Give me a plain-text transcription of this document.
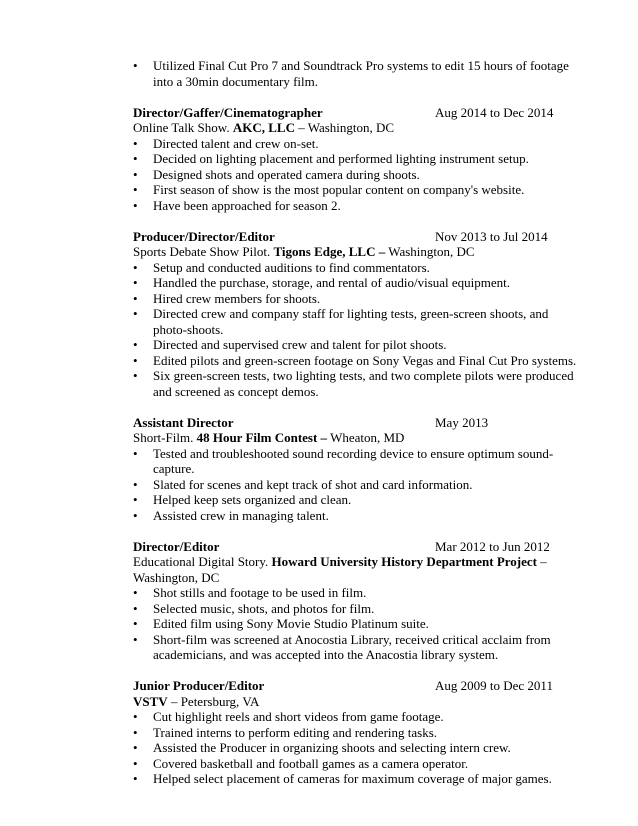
• Utilized Final Cut Pro 7 and Soundtrack Pro systems to edit 15 hours of footage into a 30min documentary film.
Director/Gaffer/Cinematographer	Aug 2014 to Dec 2014
Online Talk Show. AKC, LLC – Washington, DC
• Directed talent and crew on-set.
• Decided on lighting placement and performed lighting instrument setup.
• Designed shots and operated camera during shoots.
• First season of show is the most popular content on company's website.
• Have been approached for season 2.
Producer/Director/Editor	Nov 2013 to Jul 2014
Sports Debate Show Pilot. Tigons Edge, LLC – Washington, DC
• Setup and conducted auditions to find commentators.
• Handled the purchase, storage, and rental of audio/visual equipment.
• Hired crew members for shoots.
• Directed crew and company staff for lighting tests, green-screen shoots, and photo-shoots.
• Directed and supervised crew and talent for pilot shoots.
• Edited pilots and green-screen footage on Sony Vegas and Final Cut Pro systems.
• Six green-screen tests, two lighting tests, and two complete pilots were produced and screened as concept demos.
Assistant Director	May 2013
Short-Film. 48 Hour Film Contest – Wheaton, MD
• Tested and troubleshooted sound recording device to ensure optimum sound-capture.
• Slated for scenes and kept track of shot and card information.
• Helped keep sets organized and clean.
• Assisted crew in managing talent.
Director/Editor	Mar 2012 to Jun 2012
Educational Digital Story. Howard University History Department Project – Washington, DC
• Shot stills and footage to be used in film.
• Selected music, shots, and photos for film.
• Edited film using Sony Movie Studio Platinum suite.
• Short-film was screened at Anocostia Library, received critical acclaim from academicians, and was accepted into the Anacostia library system.
Junior Producer/Editor	Aug 2009 to Dec 2011
VSTV – Petersburg, VA
• Cut highlight reels and short videos from game footage.
• Trained interns to perform editing and rendering tasks.
• Assisted the Producer in organizing shoots and selecting intern crew.
• Covered basketball and football games as a camera operator.
• Helped select placement of cameras for maximum coverage of major games.
